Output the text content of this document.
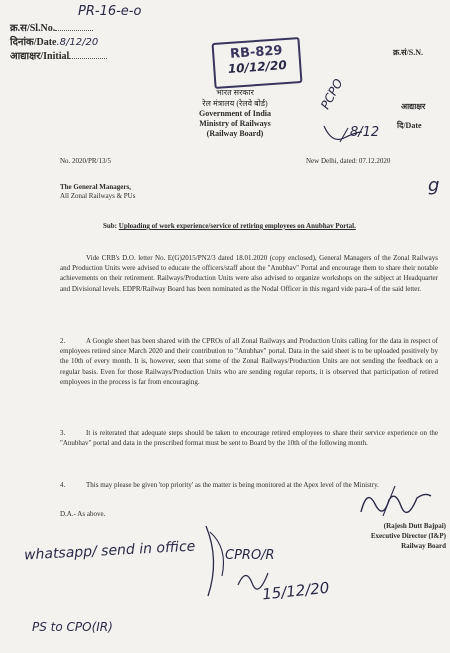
PR-16-e-o
क्र.स/Sl.No.
दिनांक/Date.8/12/20
आद्याक्षर/Initial	RB-829
10/12/20
क्र.सं/S.N.
आद्याक्षर
दि/Date
भारत सरकार
रेल मंत्रालय (रेलवे बोर्ड)
Government of India
Ministry of Railways
(Railway Board)
PCPO
8/12
g
No. 2020/PR/13/5	New Delhi, dated: 07.12.2020
The General Managers,
All Zonal Railways & PUs
Sub: Uploading of work experience/service of retiring employees on Anubhav Portal.
Vide CRB's D.O. letter No. E(G)2015/PN2/3 dated 18.01.2020 (copy enclosed), General Managers of the Zonal Railways and Production Units were advised to educate the officers/staff about the "Anubhav" Portal and encourage them to share their notable achievements on their retirement. Railways/Production Units were also advised to organize workshops on the subject at Headquarter and Divisional levels. EDPR/Railway Board has been nominated as the Nodal Officer in this regard vide para-4 of the said letter.
2.	A Google sheet has been shared with the CPROs of all Zonal Railways and Production Units calling for the data in respect of employees retired since March 2020 and their contribution to "Anubhav" portal. Data in the said sheet is to be uploaded positively by the 10th of every month. It is, however, seen that some of the Zonal Railways/Production Units are not sending the feedback on a regular basis. Even for those Railways/Production Units who are sending regular reports, it is observed that participation of retired employees in the process is far from encouraging.
3.	It is reiterated that adequate steps should be taken to encourage retired employees to share their service experience on the "Anubhav" portal and data in the prescribed format must be sent to Board by the 10th of the following month.
4.	This may please be given 'top priority' as the matter is being monitored at the Apex level of the Ministry.
D.A.- As above.
(Rajesh Dutt Bajpai)
Executive Director (I&P)
Railway Board
whatsapp/ send in office CPRO/R
15/12/20
PS to CPO(IR)
